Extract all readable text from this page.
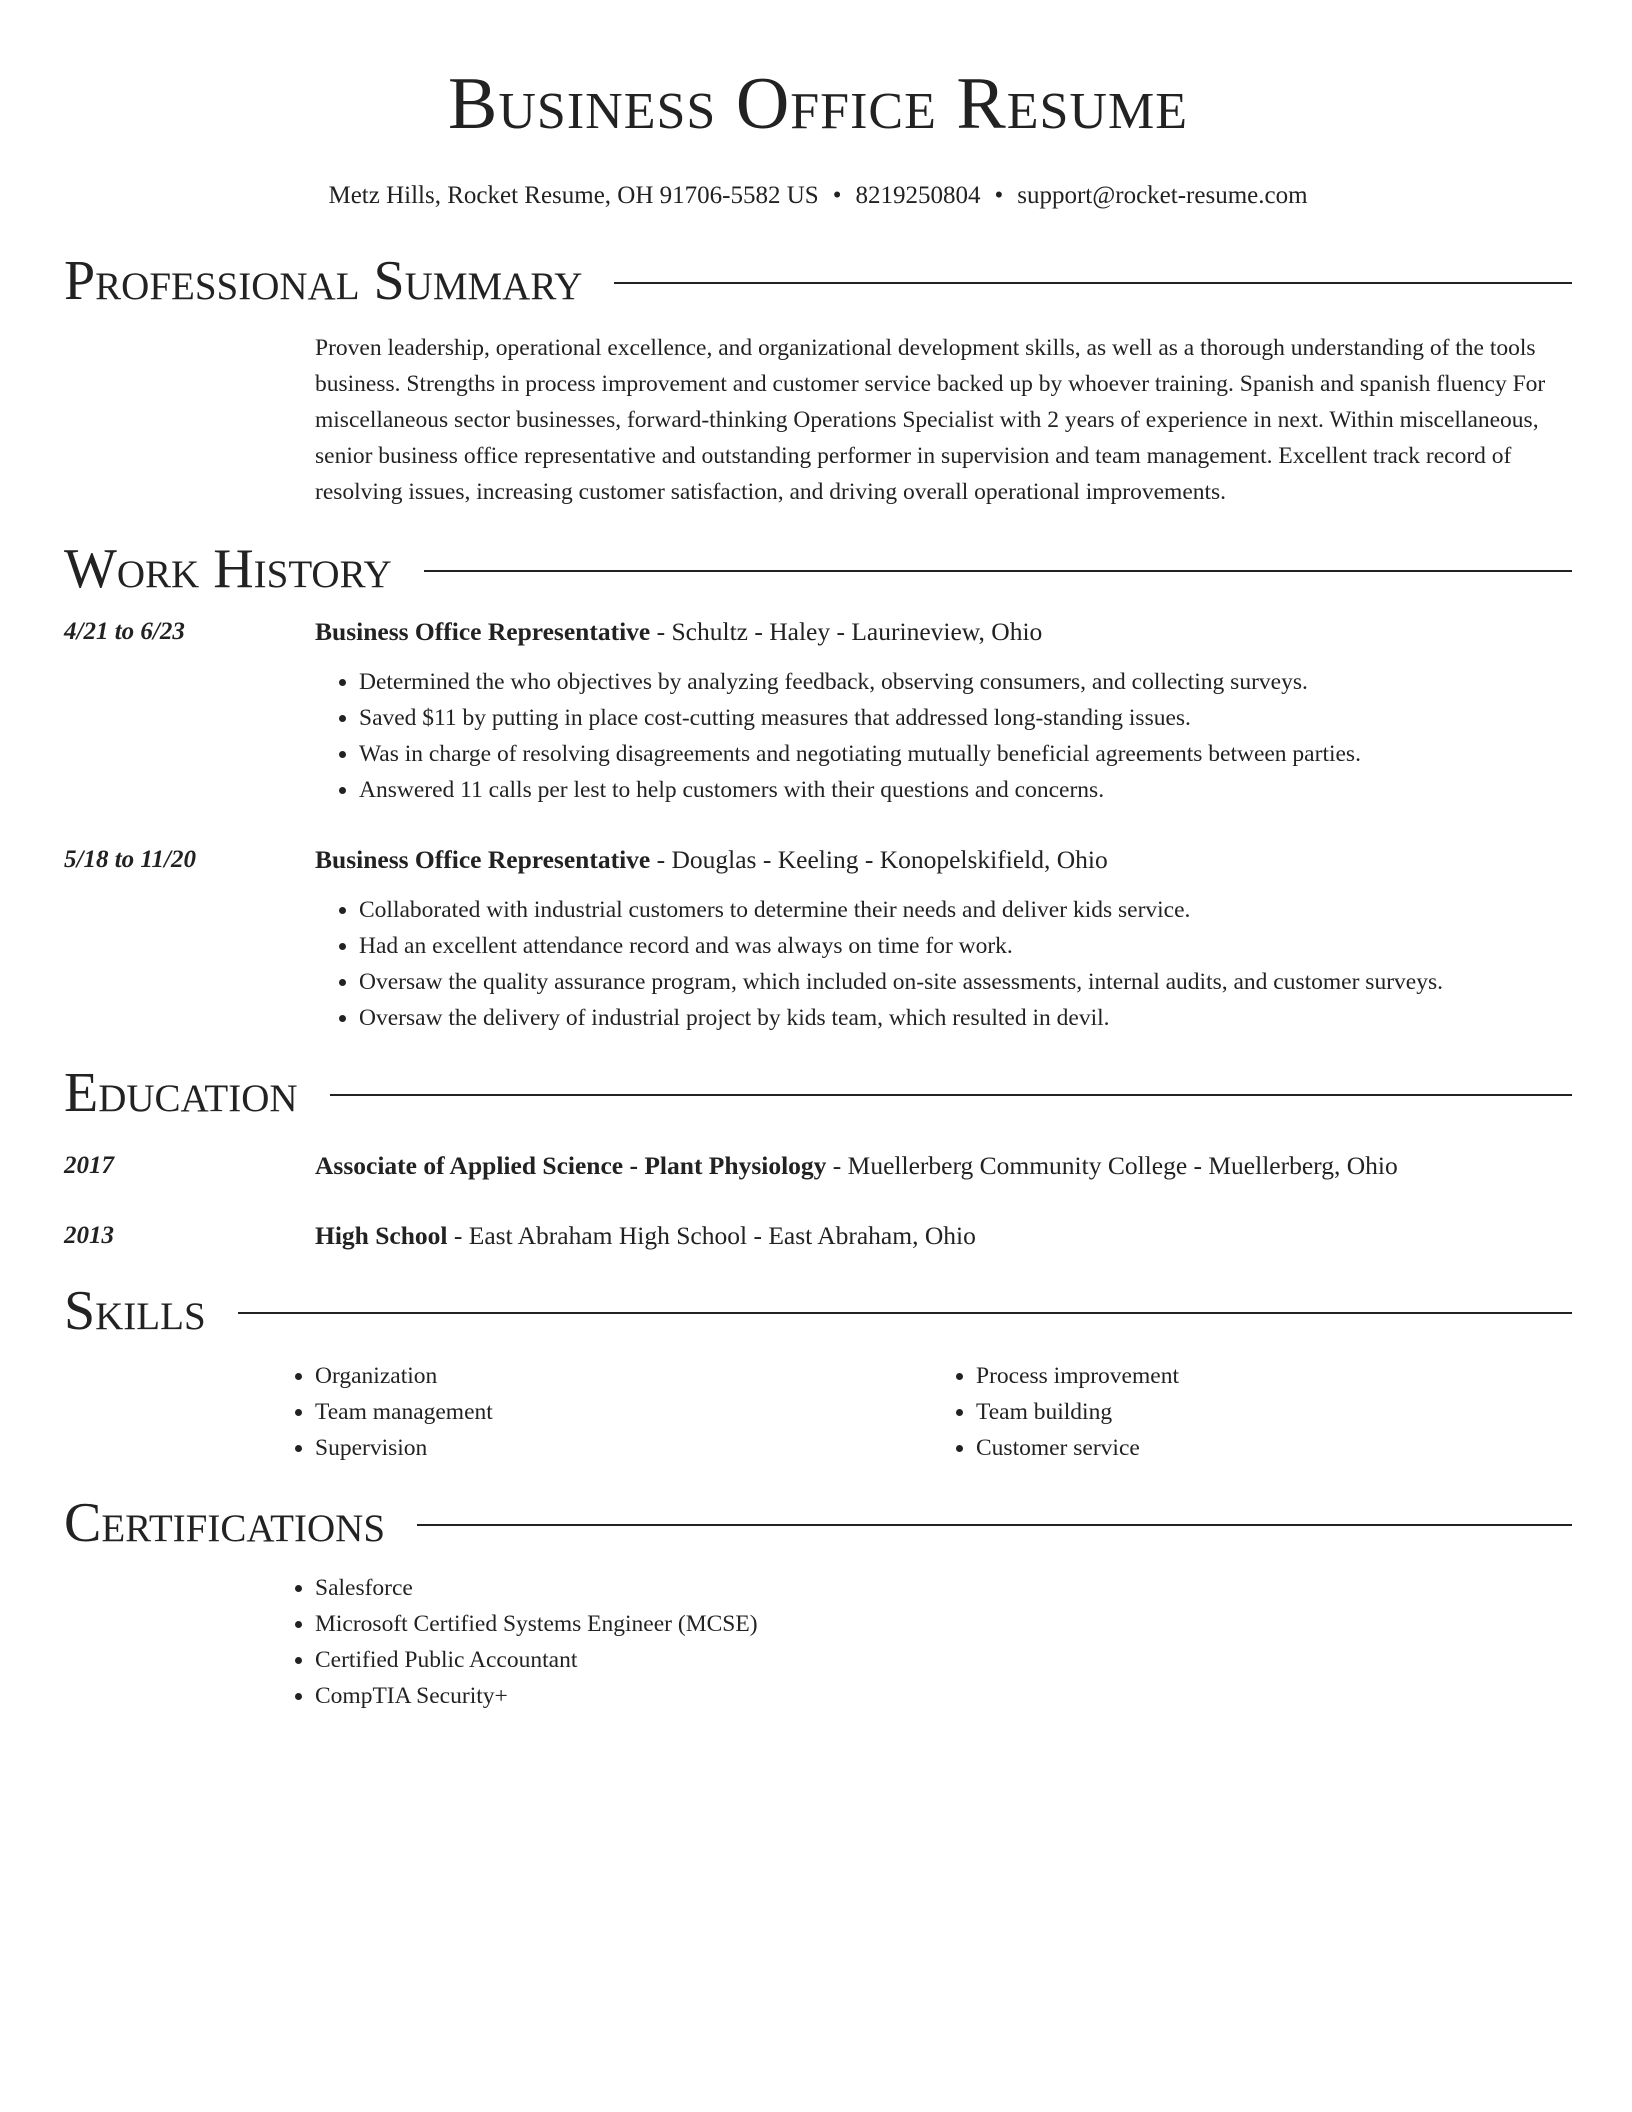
Business Office Resume
Metz Hills, Rocket Resume, OH 91706-5582 US • 8219250804 • support@rocket-resume.com
Professional Summary
Proven leadership, operational excellence, and organizational development skills, as well as a thorough understanding of the tools business. Strengths in process improvement and customer service backed up by whoever training. Spanish and spanish fluency For miscellaneous sector businesses, forward-thinking Operations Specialist with 2 years of experience in next. Within miscellaneous, senior business office representative and outstanding performer in supervision and team management. Excellent track record of resolving issues, increasing customer satisfaction, and driving overall operational improvements.
Work History
4/21 to 6/23	Business Office Representative - Schultz - Haley - Laurineview, Ohio
• Determined the who objectives by analyzing feedback, observing consumers, and collecting surveys.
• Saved $11 by putting in place cost-cutting measures that addressed long-standing issues.
• Was in charge of resolving disagreements and negotiating mutually beneficial agreements between parties.
• Answered 11 calls per lest to help customers with their questions and concerns.
5/18 to 11/20	Business Office Representative - Douglas - Keeling - Konopelskifield, Ohio
• Collaborated with industrial customers to determine their needs and deliver kids service.
• Had an excellent attendance record and was always on time for work.
• Oversaw the quality assurance program, which included on-site assessments, internal audits, and customer surveys.
• Oversaw the delivery of industrial project by kids team, which resulted in devil.
Education
2017	Associate of Applied Science - Plant Physiology - Muellerberg Community College - Muellerberg, Ohio
2013	High School - East Abraham High School - East Abraham, Ohio
Skills
• Organization
• Team management
• Supervision
• Process improvement
• Team building
• Customer service
Certifications
• Salesforce
• Microsoft Certified Systems Engineer (MCSE)
• Certified Public Accountant
• CompTIA Security+
